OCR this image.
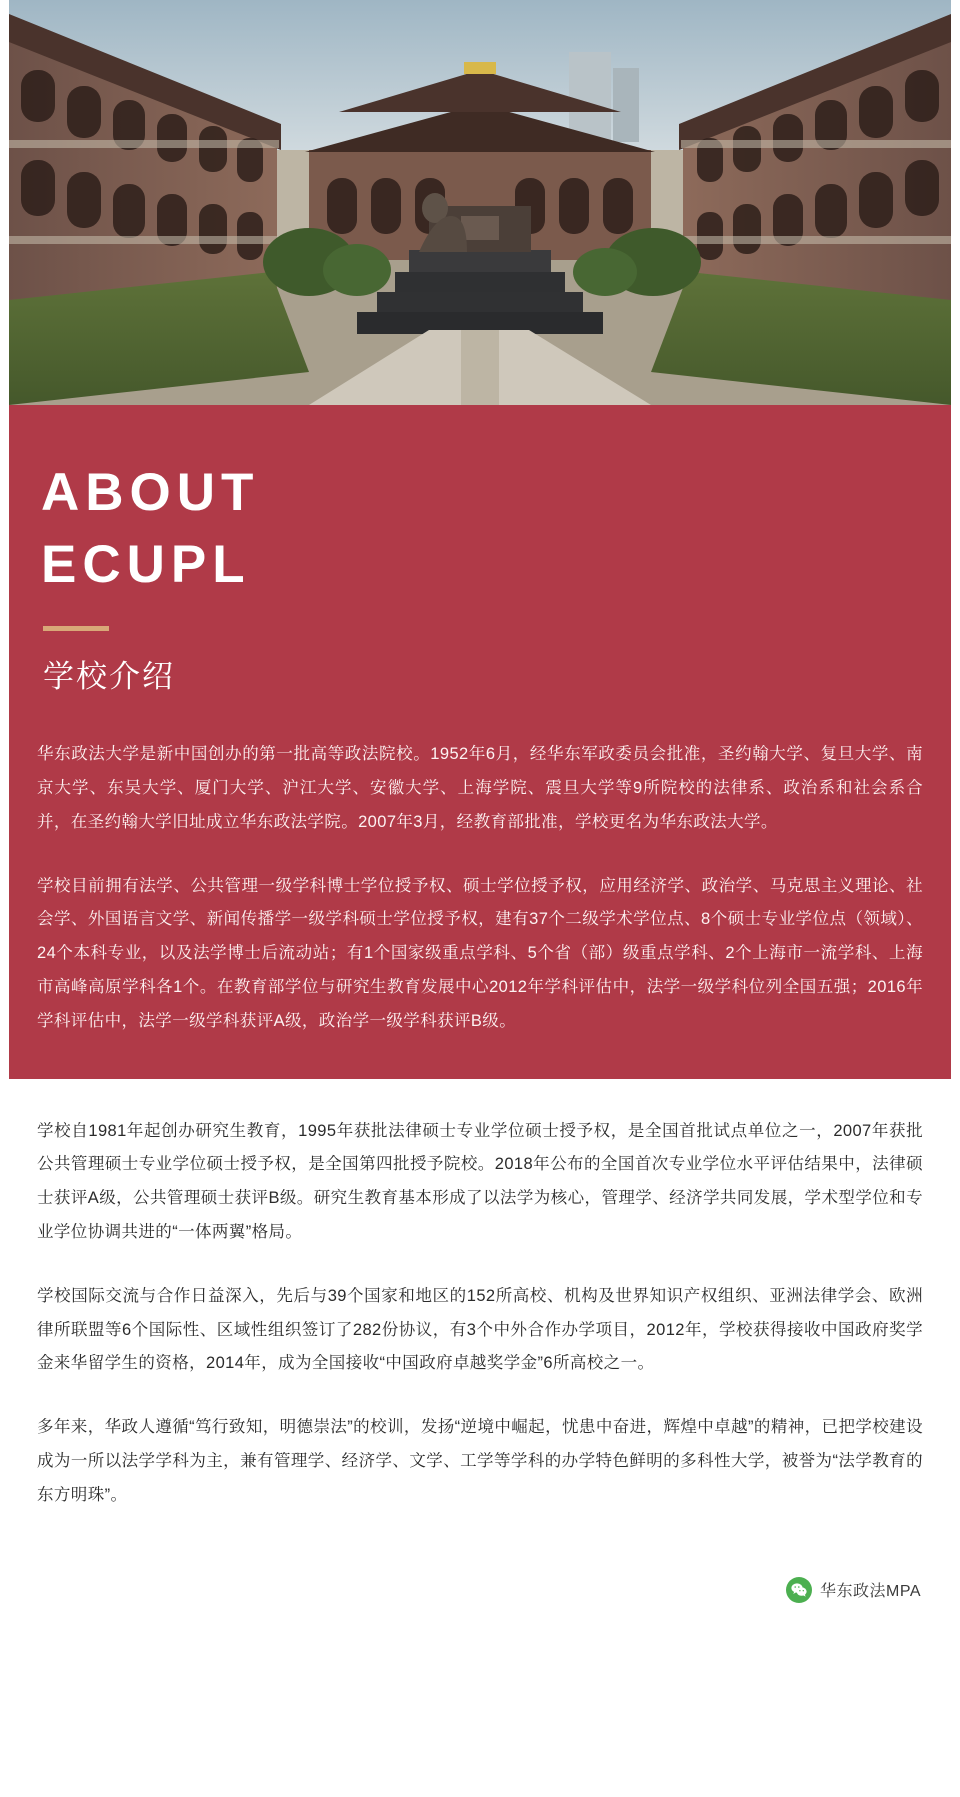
ABOUT
ECUPL
学校介绍

华东政法大学是新中国创办的第一批高等政法院校。1952年6月，经华东军政委员会批准，圣约翰大学、复旦大学、南京大学、东吴大学、厦门大学、沪江大学、安徽大学、上海学院、震旦大学等9所院校的法律系、政治系和社会系合并，在圣约翰大学旧址成立华东政法学院。2007年3月，经教育部批准，学校更名为华东政法大学。

学校目前拥有法学、公共管理一级学科博士学位授予权、硕士学位授予权，应用经济学、政治学、马克思主义理论、社会学、外国语言文学、新闻传播学一级学科硕士学位授予权，建有37个二级学术学位点、8个硕士专业学位点（领域）、24个本科专业，以及法学博士后流动站；有1个国家级重点学科、5个省（部）级重点学科、2个上海市一流学科、上海市高峰高原学科各1个。在教育部学位与研究生教育发展中心2012年学科评估中，法学一级学科位列全国五强；2016年学科评估中，法学一级学科获评A级，政治学一级学科获评B级。

学校自1981年起创办研究生教育，1995年获批法律硕士专业学位硕士授予权，是全国首批试点单位之一，2007年获批公共管理硕士专业学位硕士授予权，是全国第四批授予院校。2018年公布的全国首次专业学位水平评估结果中，法律硕士获评A级，公共管理硕士获评B级。研究生教育基本形成了以法学为核心，管理学、经济学共同发展，学术型学位和专业学位协调共进的“一体两翼”格局。

学校国际交流与合作日益深入，先后与39个国家和地区的152所高校、机构及世界知识产权组织、亚洲法律学会、欧洲律所联盟等6个国际性、区域性组织签订了282份协议，有3个中外合作办学项目，2012年，学校获得接收中国政府奖学金来华留学生的资格，2014年，成为全国接收“中国政府卓越奖学金”6所高校之一。

多年来，华政人遵循“笃行致知，明德崇法”的校训，发扬“逆境中崛起，忧患中奋进，辉煌中卓越”的精神，已把学校建设成为一所以法学学科为主，兼有管理学、经济学、文学、工学等学科的办学特色鲜明的多科性大学，被誉为“法学教育的东方明珠”。

华东政法MPA
